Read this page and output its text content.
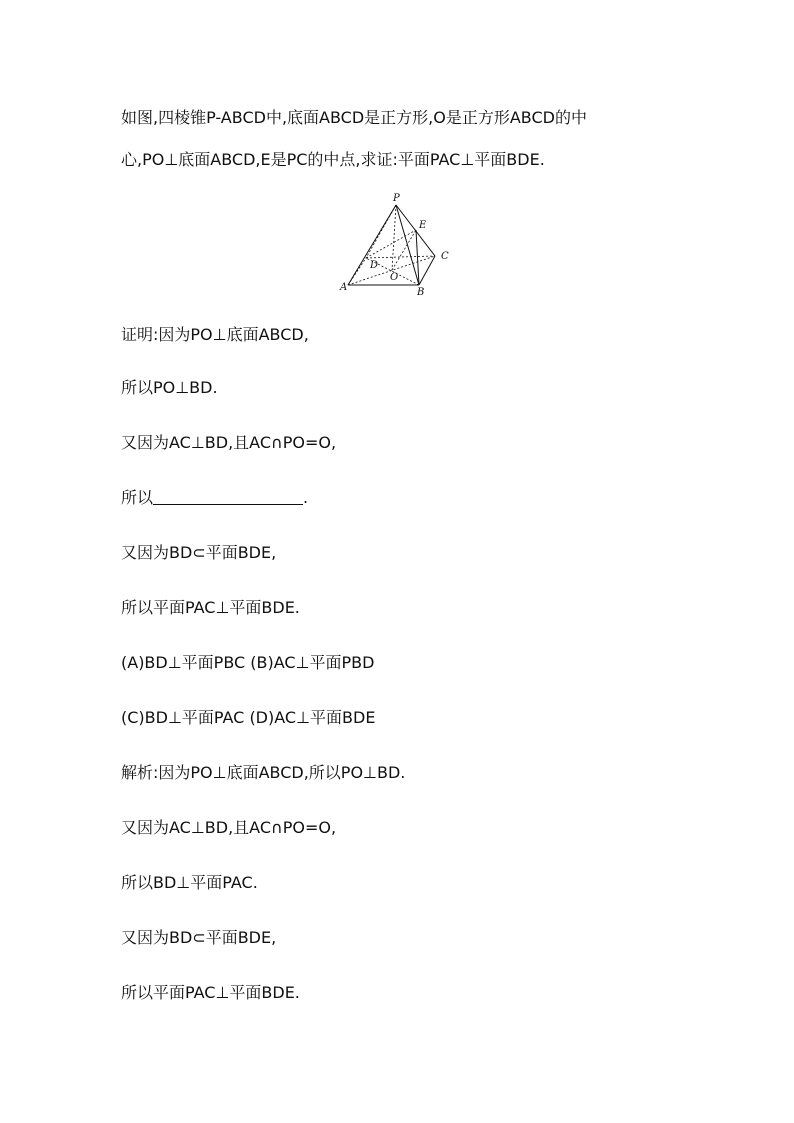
如图,四棱锥P-ABCD中,底面ABCD是正方形,O是正方形ABCD的中
心,PO⊥底面ABCD,E是PC的中点,求证:平面PAC⊥平面BDE.
P
E
C
D
O
A	B
证明:因为PO⊥底面ABCD,
所以PO⊥BD.
又因为AC⊥BD,且AC∩PO=O,
所以	.
又因为BD⊂平面BDE,
所以平面PAC⊥平面BDE.
(A)BD⊥平面PBC (B)AC⊥平面PBD
(C)BD⊥平面PAC (D)AC⊥平面BDE
解析:因为PO⊥底面ABCD,所以PO⊥BD.
又因为AC⊥BD,且AC∩PO=O,
所以BD⊥平面PAC.
又因为BD⊂平面BDE,
所以平面PAC⊥平面BDE.
